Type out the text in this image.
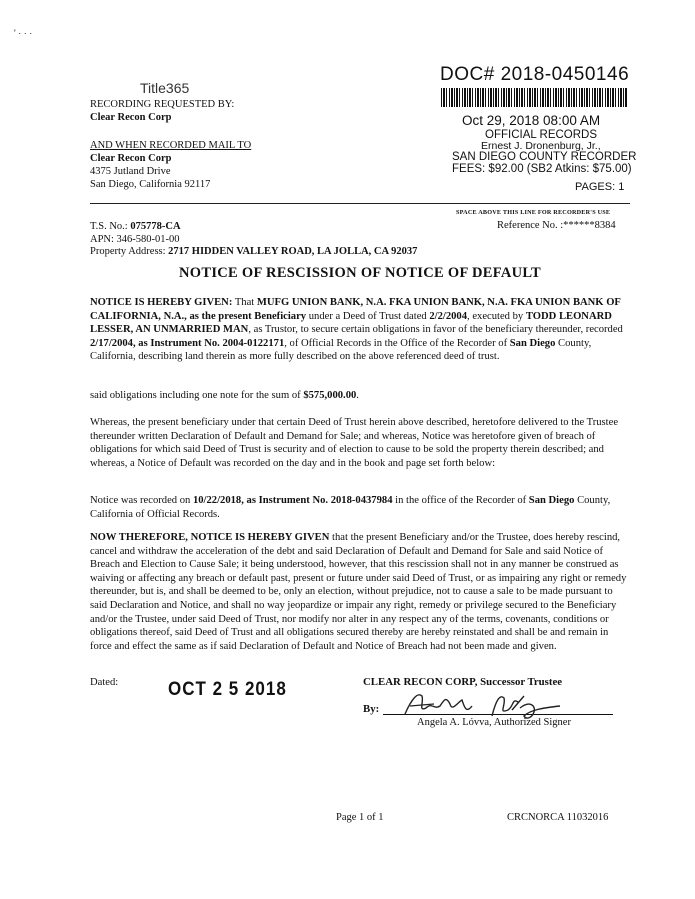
' · · ·
Title365
RECORDING REQUESTED BY:
Clear Recon Corp
AND WHEN RECORDED MAIL TO
Clear Recon Corp
4375 Jutland Drive
San Diego, California 92117
DOC# 2018-0450146
Oct 29, 2018 08:00 AM
OFFICIAL RECORDS
Ernest J. Dronenburg, Jr.,
SAN DIEGO COUNTY RECORDER
FEES: $92.00 (SB2 Atkins: $75.00)
PAGES: 1
SPACE ABOVE THIS LINE FOR RECORDER'S USE
Reference No. :******8384
T.S. No.: 075778-CA
APN: 346-580-01-00
Property Address: 2717 HIDDEN VALLEY ROAD, LA JOLLA, CA 92037
NOTICE OF RESCISSION OF NOTICE OF DEFAULT
NOTICE IS HEREBY GIVEN: That MUFG UNION BANK, N.A. FKA UNION BANK, N.A. FKA UNION BANK OF CALIFORNIA, N.A., as the present Beneficiary under a Deed of Trust dated 2/2/2004, executed by TODD LEONARD LESSER, AN UNMARRIED MAN, as Trustor, to secure certain obligations in favor of the beneficiary thereunder, recorded 2/17/2004, as Instrument No. 2004-0122171, of Official Records in the Office of the Recorder of San Diego County, California, describing land therein as more fully described on the above referenced deed of trust.
said obligations including one note for the sum of $575,000.00.
Whereas, the present beneficiary under that certain Deed of Trust herein above described, heretofore delivered to the Trustee thereunder written Declaration of Default and Demand for Sale; and whereas, Notice was heretofore given of breach of obligations for which said Deed of Trust is security and of election to cause to be sold the property therein described; and whereas, a Notice of Default was recorded on the day and in the book and page set forth below:
Notice was recorded on 10/22/2018, as Instrument No. 2018-0437984 in the office of the Recorder of San Diego County, California of Official Records.
NOW THEREFORE, NOTICE IS HEREBY GIVEN that the present Beneficiary and/or the Trustee, does hereby rescind, cancel and withdraw the acceleration of the debt and said Declaration of Default and Demand for Sale and said Notice of Breach and Election to Cause Sale; it being understood, however, that this rescission shall not in any manner be construed as waiving or affecting any breach or default past, present or future under said Deed of Trust, or as impairing any right or remedy thereunder, but is, and shall be deemed to be, only an election, without prejudice, not to cause a sale to be made pursuant to said Declaration and Notice, and shall no way jeopardize or impair any right, remedy or privilege secured to the Beneficiary and/or the Trustee, under said Deed of Trust, nor modify nor alter in any respect any of the terms, covenants, conditions or obligations thereof, said Deed of Trust and all obligations secured thereby are hereby reinstated and shall be and remain in force and effect the same as if said Declaration of Default and Notice of Breach had not been made and given.
Dated:	OCT 2 5 2018	CLEAR RECON CORP, Successor Trustee
By:
Angela A. Lóvva, Authorized Signer
Page 1 of 1	CRCNORCA 11032016
